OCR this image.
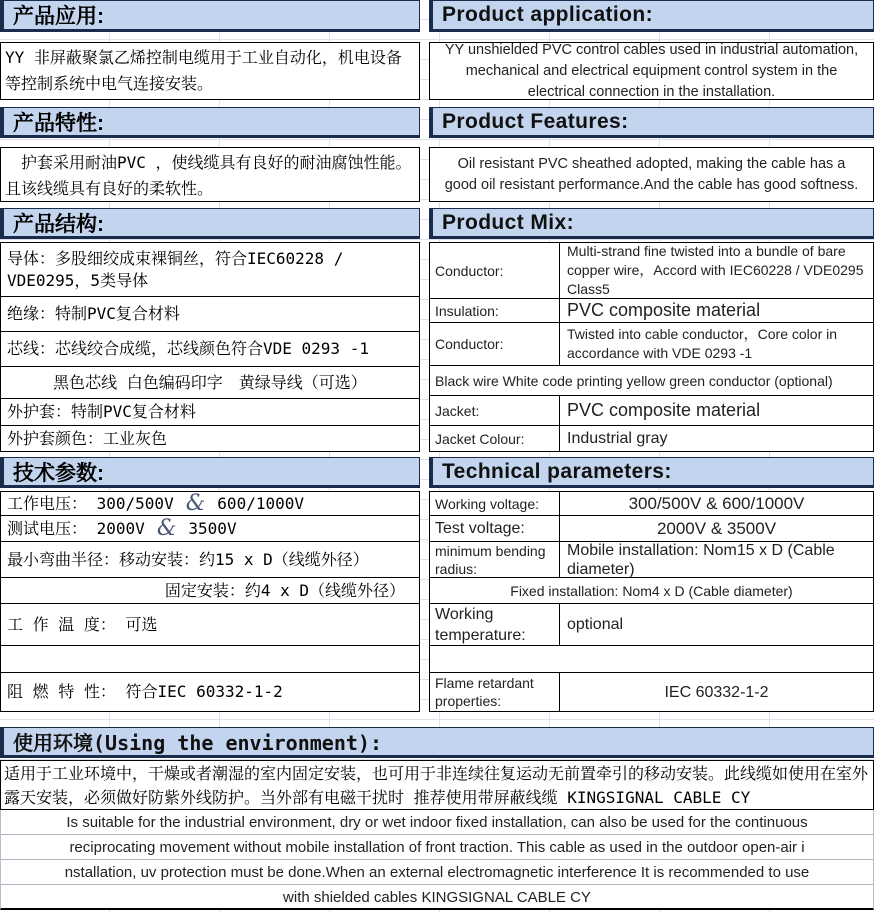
产品应用:
YY 非屏蔽聚氯乙烯控制电缆用于工业自动化，机电设备等控制系统中电气连接安装。
产品特性:
　护套采用耐油PVC ，使线缆具有良好的耐油腐蚀性能。且该线缆具有良好的柔软性。
产品结构:
导体：多股细绞成束裸铜丝，符合IEC60228 / VDE0295，5类导体
绝缘：特制PVC复合材料
芯线：芯线绞合成缆，芯线颜色符合VDE 0293 -1
黑色芯线 白色编码印字　黄绿导线（可选）
外护套：特制PVC复合材料
外护套颜色：工业灰色
技术参数:
工作电压： 300/500V & 600/1000V
测试电压： 2000V & 3500V
最小弯曲半径：移动安装：约15 x D（线缆外径）
固定安装：约4 x D（线缆外径）
工 作 温 度： 可选
阻 燃 特 性： 符合IEC 60332-1-2
Product application:
YY unshielded PVC control cables used in industrial automation, mechanical and electrical equipment control system in the electrical connection in the installation.
Product Features:
Oil resistant PVC sheathed adopted, making the cable has a good oil resistant performance.And the cable has good softness.
Product Mix:
Conductor:
Multi-strand fine twisted into a bundle of bare copper wire，Accord with IEC60228 / VDE0295 Class5
Insulation:	PVC composite material
Conductor:
Twisted into cable conductor，Core color in accordance with VDE 0293 -1
Black wire White code printing yellow green conductor (optional)
Jacket:	PVC composite material
Jacket Colour:	Industrial gray
Technical parameters:
Working voltage:	300/500V & 600/1000V
Test voltage:	2000V & 3500V
minimum bending radius:
Mobile installation: Nom15 x D (Cable diameter)
Fixed installation: Nom4 x D (Cable diameter)
Working temperature:
optional
Flame retardant properties:
IEC 60332-1-2
使用环境(Using the environment):
适用于工业环境中，干燥或者潮湿的室内固定安装，也可用于非连续往复运动无前置牵引的移动安装。此线缆如使用在室外露天安装，必须做好防紫外线防护。当外部有电磁干扰时 推荐使用带屏蔽线缆 KINGSIGNAL CABLE CY
Is suitable for the industrial environment, dry or wet indoor fixed installation, can also be used for the continuous
reciprocating movement without mobile installation of front traction. This cable as used in the outdoor open-air i
nstallation, uv protection must be done.When an external electromagnetic interference It is recommended to use
with shielded cables KINGSIGNAL CABLE CY
